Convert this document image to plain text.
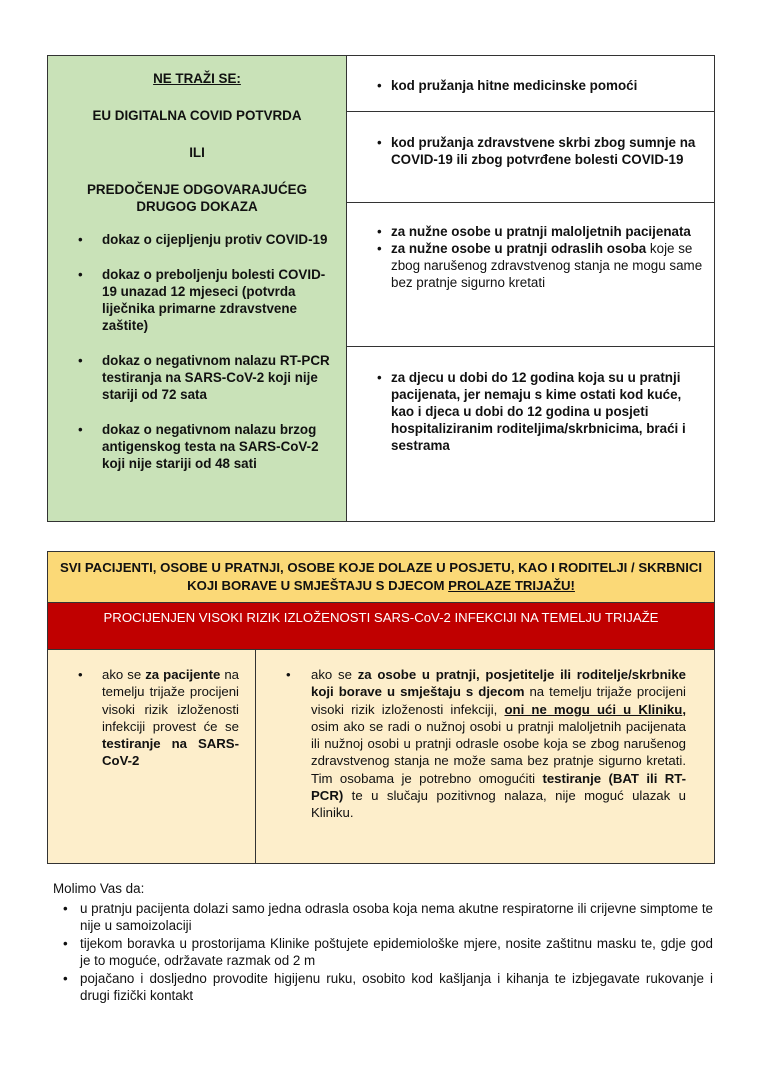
NE TRAŽI SE:
EU DIGITALNA COVID POTVRDA
ILI
PREDOČENJE ODGOVARAJUĆEG DRUGOG DOKAZA
• dokaz o cijepljenju protiv COVID-19
• dokaz o preboljenju bolesti COVID-19 unazad 12 mjeseci (potvrda liječnika primarne zdravstvene zaštite)
• dokaz o negativnom nalazu RT-PCR testiranja na SARS-CoV-2 koji nije stariji od 72 sata
• dokaz o negativnom nalazu brzog antigenskog testa na SARS-CoV-2 koji nije stariji od 48 sati
• kod pružanja hitne medicinske pomoći
• kod pružanja zdravstvene skrbi zbog sumnje na COVID-19 ili zbog potvrđene bolesti COVID-19
• za nužne osobe u pratnji maloljetnih pacijenata
• za nužne osobe u pratnji odraslih osoba koje se zbog narušenog zdravstvenog stanja ne mogu same bez pratnje sigurno kretati
• za djecu u dobi do 12 godina koja su u pratnji pacijenata, jer nemaju s kime ostati kod kuće, kao i djeca u dobi do 12 godina u posjeti hospitaliziranim roditeljima/skrbnicima, braći i sestrama
SVI PACIJENTI, OSOBE U PRATNJI, OSOBE KOJE DOLAZE U POSJETU, KAO I RODITELJI / SKRBNICI KOJI BORAVE U SMJEŠTAJU S DJECOM PROLAZE TRIJAŽU!
PROCIJENJEN VISOKI RIZIK IZLOŽENOSTI SARS-CoV-2 INFEKCIJI NA TEMELJU TRIJAŽE
• ako se za pacijente na temelju trijaže procijeni visoki rizik izloženosti infekciji provest će se testiranje na SARS-CoV-2
• ako se za osobe u pratnji, posjetitelje ili roditelje/skrbnike koji borave u smještaju s djecom na temelju trijaže procijeni visoki rizik izloženosti infekciji, oni ne mogu ući u Kliniku, osim ako se radi o nužnoj osobi u pratnji maloljetnih pacijenata ili nužnoj osobi u pratnji odrasle osobe koja se zbog narušenog zdravstvenog stanja ne može sama bez pratnje sigurno kretati. Tim osobama je potrebno omogućiti testiranje (BAT ili RT-PCR) te u slučaju pozitivnog nalaza, nije moguć ulazak u Kliniku.
Molimo Vas da:
• u pratnju pacijenta dolazi samo jedna odrasla osoba koja nema akutne respiratorne ili crijevne simptome te nije u samoizolaciji
• tijekom boravka u prostorijama Klinike poštujete epidemiološke mjere, nosite zaštitnu masku te, gdje god je to moguće, održavate razmak od 2 m
• pojačano i dosljedno provodite higijenu ruku, osobito kod kašljanja i kihanja te izbjegavate rukovanje i drugi fizički kontakt
